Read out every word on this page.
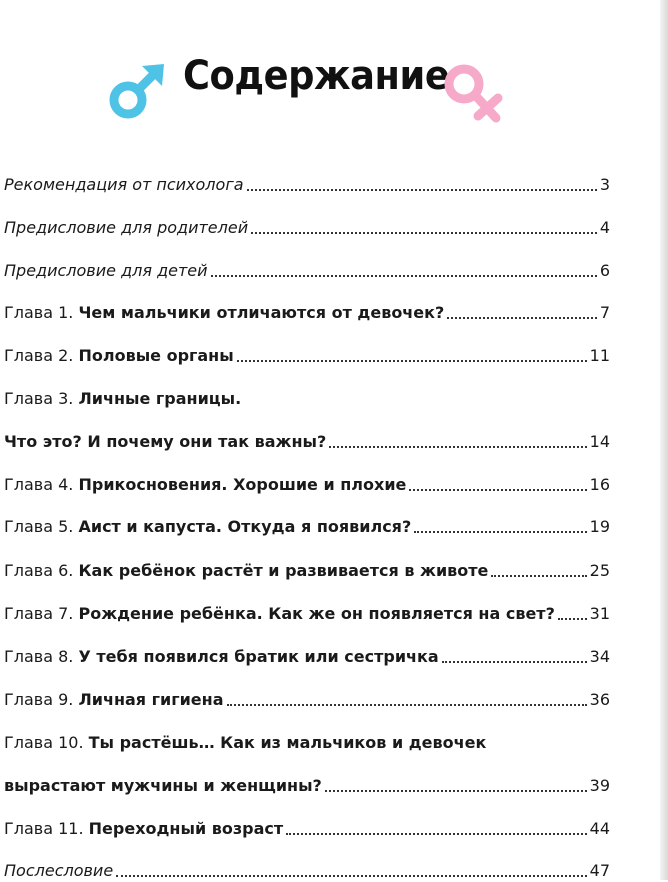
Содержание
Рекомендация от психолога	3
Предисловие для родителей	4
Предисловие для детей	6
Глава 1. Чем мальчики отличаются от девочек?	7
Глава 2. Половые органы	11
Глава 3. Личные границы.
Что это? И почему они так важны?	14
Глава 4. Прикосновения. Хорошие и плохие	16
Глава 5. Аист и капуста. Откуда я появился?	19
Глава 6. Как ребёнок растёт и развивается в животе	25
Глава 7. Рождение ребёнка. Как же он появляется на свет? 31
Глава 8. У тебя появился братик или сестричка	34
Глава 9. Личная гигиена	36
Глава 10. Ты растёшь… Как из мальчиков и девочек
вырастают мужчины и женщины?	39
Глава 11. Переходный возраст	44
Послесловие	47
